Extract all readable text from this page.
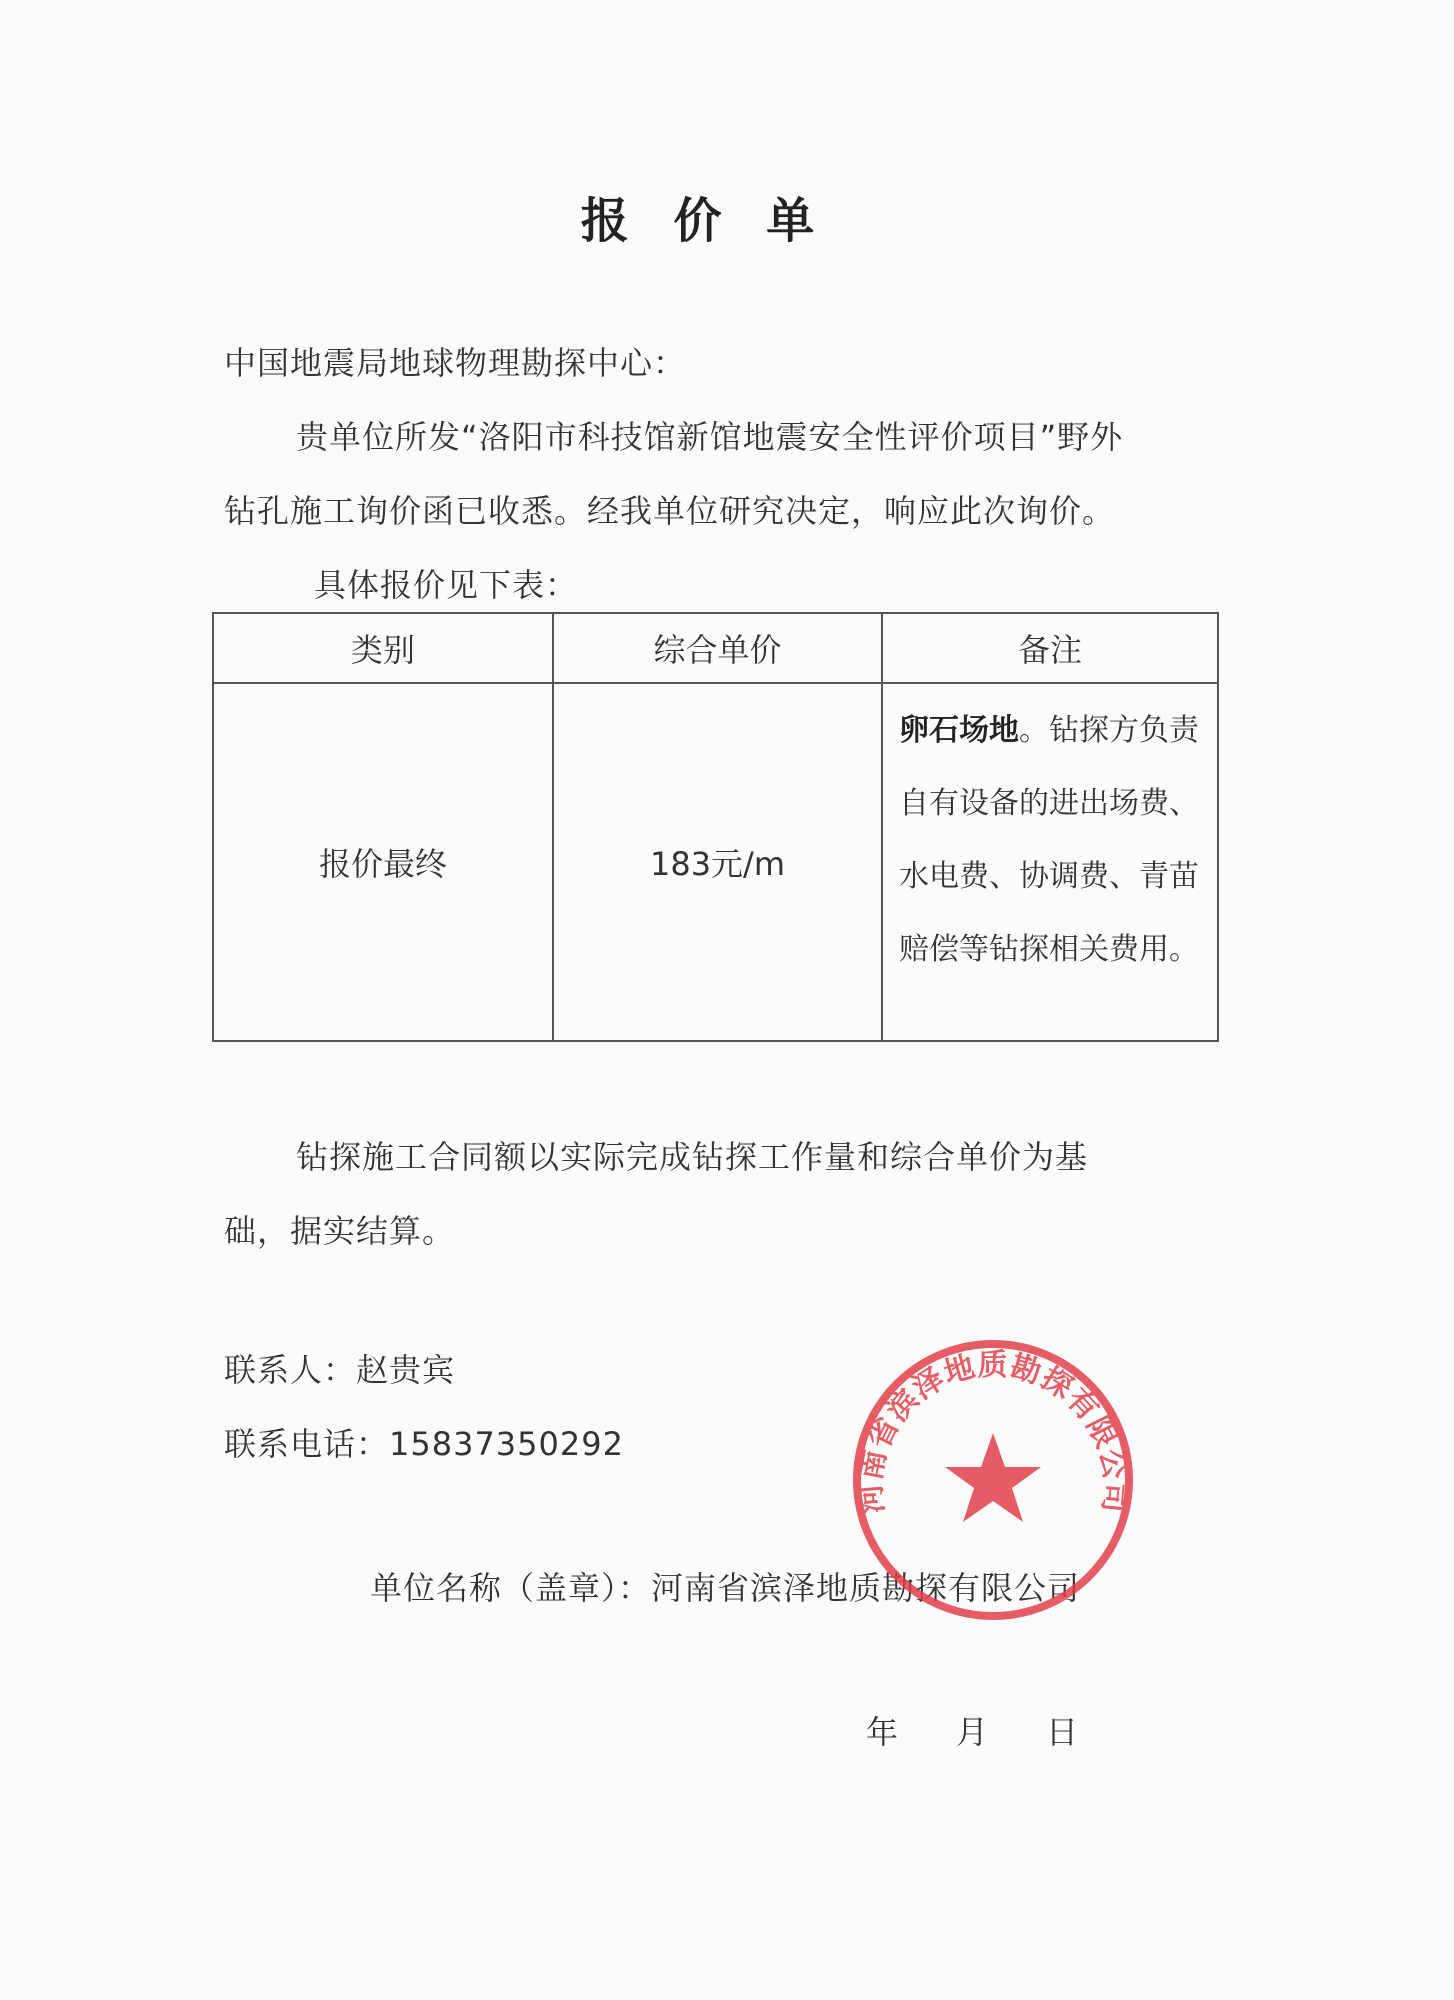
报 价 单
中国地震局地球物理勘探中心：
贵单位所发“洛阳市科技馆新馆地震安全性评价项目”野外
钻孔施工询价函已收悉。经我单位研究决定，响应此次询价。
具体报价见下表：
类别	综合单价	备注
报价最终	183元/m	卵石场地。钻探方负责自有设备的进出场费、水电费、协调费、青苗赔偿等钻探相关费用。
钻探施工合同额以实际完成钻探工作量和综合单价为基
础，据实结算。
联系人：赵贵宾
联系电话：15837350292
单位名称（盖章）：河南省滨泽地质勘探有限公司
年 月 日
河南省滨泽地质勘探有限公司
